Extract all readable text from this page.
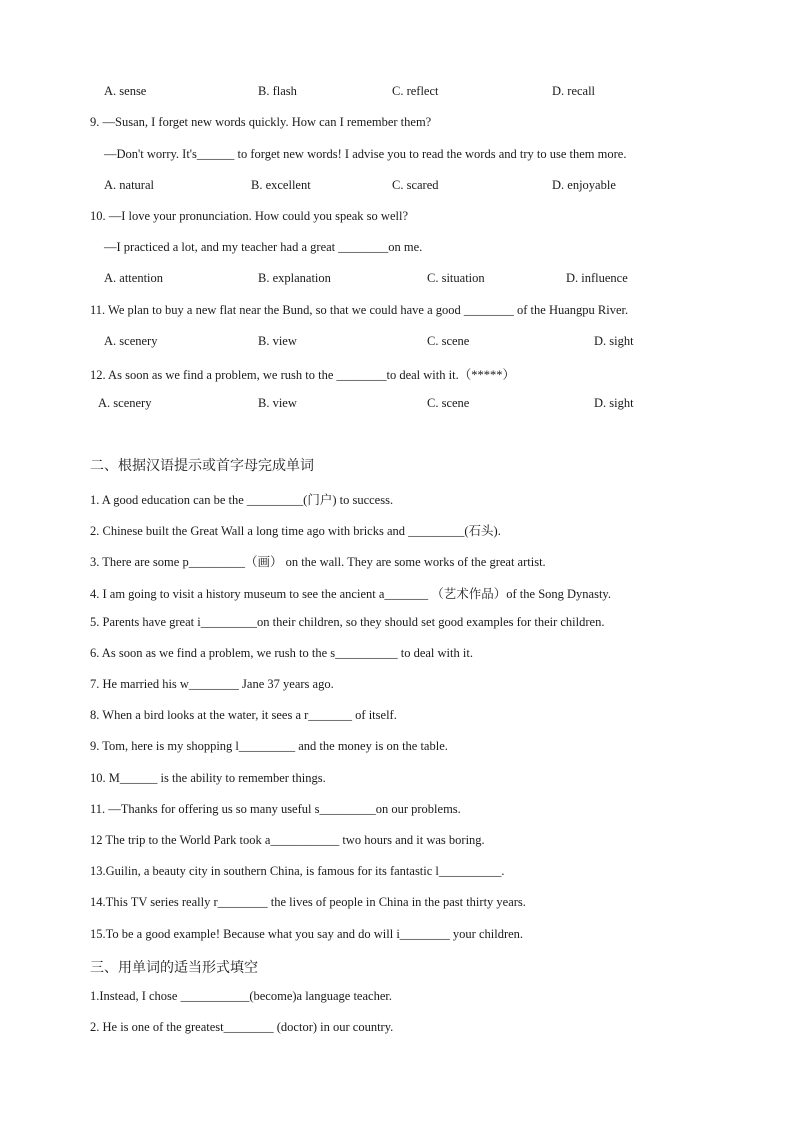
A. sense	B. flash	C. reflect	D. recall
9. —Susan, I forget new words quickly. How can I remember them?
—Don't worry. It's______ to forget new words! I advise you to read the words and try to use them more.
A. natural	B. excellent	C. scared	D. enjoyable
10. —I love your pronunciation. How could you speak so well?
—I practiced a lot, and my teacher had a great ________on me.
A. attention	B. explanation	C. situation	D. influence
11. We plan to buy a new flat near the Bund, so that we could have a good ________ of the Huangpu River.
A. scenery	B. view	C. scene	D. sight
12. As soon as we find a problem, we rush to the ________to deal with it.（*****）
A. scenery	B. view	C. scene	D. sight
二、根据汉语提示或首字母完成单词
1. A good education can be the _________(门户) to success.
2. Chinese built the Great Wall a long time ago with bricks and _________(石头).
3. There are some p_________（画） on the wall. They are some works of the great artist.
4. I am going to visit a history museum to see the ancient a_______ （艺术作品）of the Song Dynasty.
5. Parents have great i_________on their children, so they should set good examples for their children.
6. As soon as we find a problem, we rush to the s__________ to deal with it.
7. He married his w________ Jane 37 years ago.
8. When a bird looks at the water, it sees a r_______ of itself.
9. Tom, here is my shopping l_________ and the money is on the table.
10. M______ is the ability to remember things.
11. —Thanks for offering us so many useful s_________on our problems.
12 The trip to the World Park took a___________ two hours and it was boring.
13.Guilin, a beauty city in southern China, is famous for its fantastic l__________.
14.This TV series really r________ the lives of people in China in the past thirty years.
15.To be a good example! Because what you say and do will i________ your children.
三、用单词的适当形式填空
1.Instead, I chose ___________(become)a language teacher.
2. He is one of the greatest________ (doctor) in our country.
